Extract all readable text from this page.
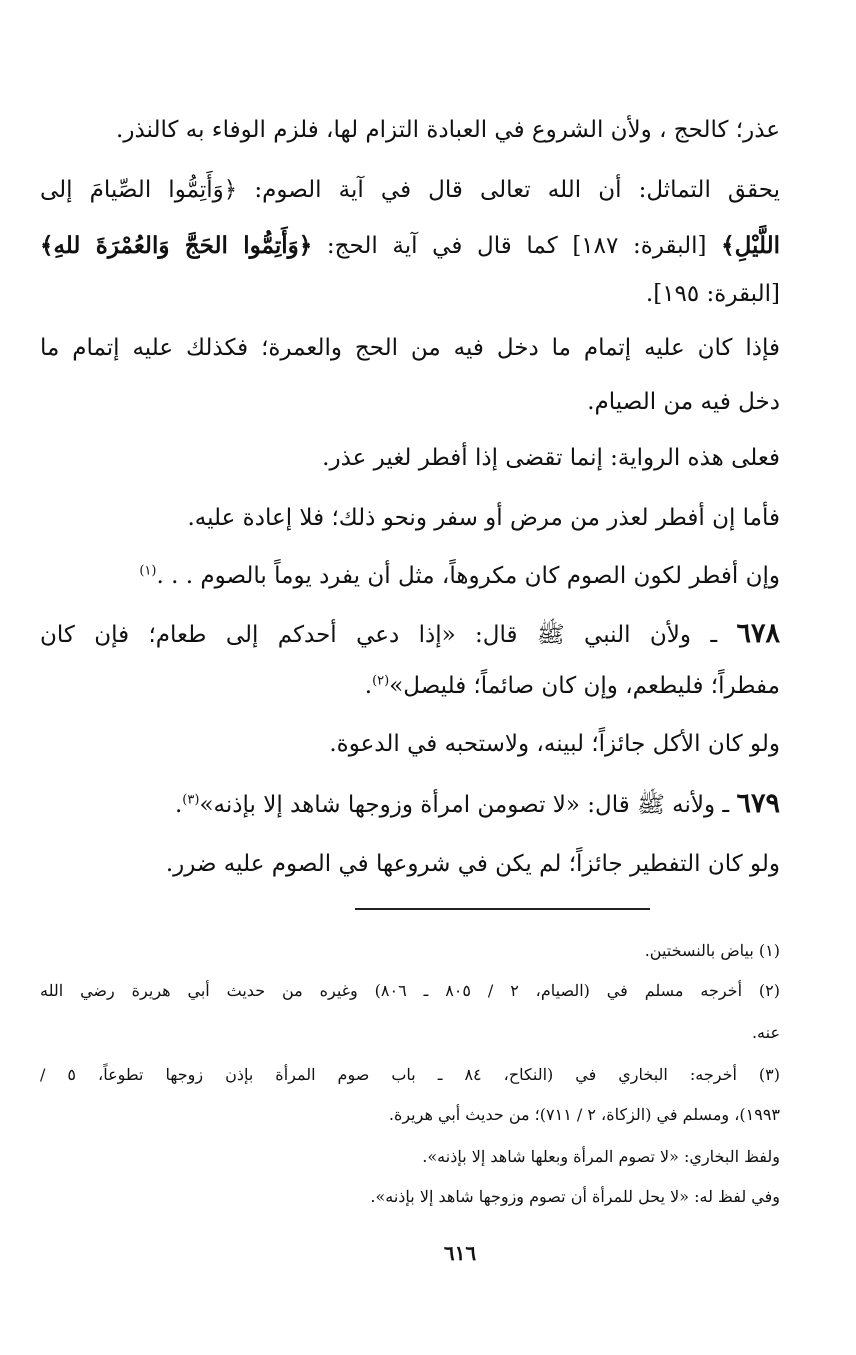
عذر؛ كالحج ، ولأن الشروع في العبادة التزام لها، فلزم الوفاء به كالنذر.
يحقق التماثل: أن الله تعالى قال في آية الصوم: ﴿وَأَتِمُّوا الصِّيامَ إلى
اللَّيْلِ﴾ [البقرة: ١٨٧] كما قال في آية الحج: ﴿وَأَتِمُّوا الحَجَّ وَالعُمْرَةَ للهِ﴾
[البقرة: ١٩٥].
فإذا كان عليه إتمام ما دخل فيه من الحج والعمرة؛ فكذلك عليه إتمام ما
دخل فيه من الصيام.
فعلى هذه الرواية: إنما تقضى إذا أفطر لغير عذر.
فأما إن أفطر لعذر من مرض أو سفر ونحو ذلك؛ فلا إعادة عليه.
وإن أفطر لكون الصوم كان مكروهاً، مثل أن يفرد يوماً بالصوم . . .$^{(١)}$
٦٧٨ ـ ولأن النبي ﷺ قال: «إذا دعي أحدكم إلى طعام؛ فإن كان
مفطراً؛ فليطعم، وإن كان صائماً؛ فليصل»$^{(٢)}$.
ولو كان الأكل جائزاً؛ لبينه، ولاستحبه في الدعوة.
٦٧٩ ـ ولأنه ﷺ قال: «لا تصومن امرأة وزوجها شاهد إلا بإذنه»$^{(٣)}$.
ولو كان التفطير جائزاً؛ لم يكن في شروعها في الصوم عليه ضرر.
(١) بياض بالنسختين.
(٢) أخرجه مسلم في (الصيام، ٢ / ٨٠٥ ـ ٨٠٦) وغيره من حديث أبي هريرة رضي الله
عنه.
(٣) أخرجه: البخاري في (النكاح، ٨٤ ـ باب صوم المرأة بإذن زوجها تطوعاً، ٥ /
١٩٩٣)، ومسلم في (الزكاة، ٢ / ٧١١)؛ من حديث أبي هريرة.
ولفظ البخاري: «لا تصوم المرأة وبعلها شاهد إلا بإذنه».
وفي لفظ له: «لا يحل للمرأة أن تصوم وزوجها شاهد إلا بإذنه».
٦١٦
